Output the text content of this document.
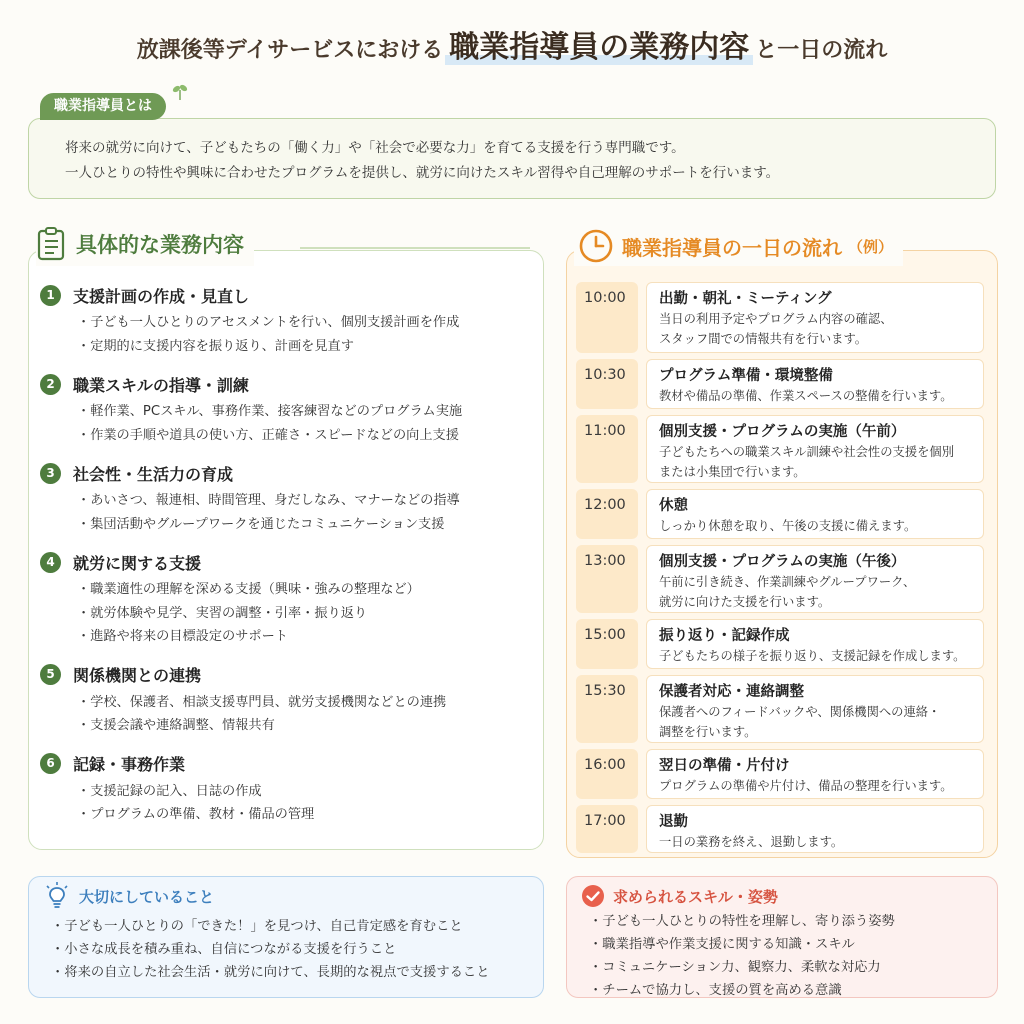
放課後等デイサービスにおける 職業指導員の業務内容 と一日の流れ
職業指導員とは
将来の就労に向けて、子どもたちの「働く力」や「社会で必要な力」を育てる支援を行う専門職です。
一人ひとりの特性や興味に合わせたプログラムを提供し、就労に向けたスキル習得や自己理解のサポートを行います。
具体的な業務内容
1	支援計画の作成・見直し
・ 子ども一人ひとりのアセスメントを行い、個別支援計画を作成
・ 定期的に支援内容を振り返り、計画を見直す
2	職業スキルの指導・訓練
・ 軽作業、PCスキル、事務作業、接客練習などのプログラム実施
・ 作業の手順や道具の使い方、正確さ・スピードなどの向上支援
3	社会性・生活力の育成
・ あいさつ、報連相、時間管理、身だしなみ、マナーなどの指導
・ 集団活動やグループワークを通じたコミュニケーション支援
4	就労に関する支援
・ 職業適性の理解を深める支援（興味・強みの整理など）
・ 就労体験や見学、実習の調整・引率・振り返り
・ 進路や将来の目標設定のサポート
5	関係機関との連携
・ 学校、保護者、相談支援専門員、就労支援機関などとの連携
・ 支援会議や連絡調整、情報共有
6	記録・事務作業
・ 支援記録の記入、日誌の作成
・ プログラムの準備、教材・備品の管理
職業指導員の一日の流れ （例）
10:00	出勤・朝礼・ミーティング
当日の利用予定やプログラム内容の確認、
スタッフ間での情報共有を行います。
10:30	プログラム準備・環境整備
教材や備品の準備、作業スペースの整備を行います。
11:00	個別支援・プログラムの実施（午前）
子どもたちへの職業スキル訓練や社会性の支援を個別
または小集団で行います。
12:00	休憩
しっかり休憩を取り、午後の支援に備えます。
13:00	個別支援・プログラムの実施（午後）
午前に引き続き、作業訓練やグループワーク、
就労に向けた支援を行います。
15:00	振り返り・記録作成
子どもたちの様子を振り返り、支援記録を作成します。
15:30	保護者対応・連絡調整
保護者へのフィードバックや、関係機関への連絡・
調整を行います。
16:00	翌日の準備・片付け
プログラムの準備や片付け、備品の整理を行います。
17:00	退勤
一日の業務を終え、退勤します。
大切にしていること
・ 子ども一人ひとりの「できた！」を見つけ、自己肯定感を育むこと
・ 小さな成長を積み重ね、自信につながる支援を行うこと
・ 将来の自立した社会生活・就労に向けて、長期的な視点で支援すること
求められるスキル・姿勢
・ 子ども一人ひとりの特性を理解し、寄り添う姿勢
・ 職業指導や作業支援に関する知識・スキル
・ コミュニケーション力、観察力、柔軟な対応力
・ チームで協力し、支援の質を高める意識
